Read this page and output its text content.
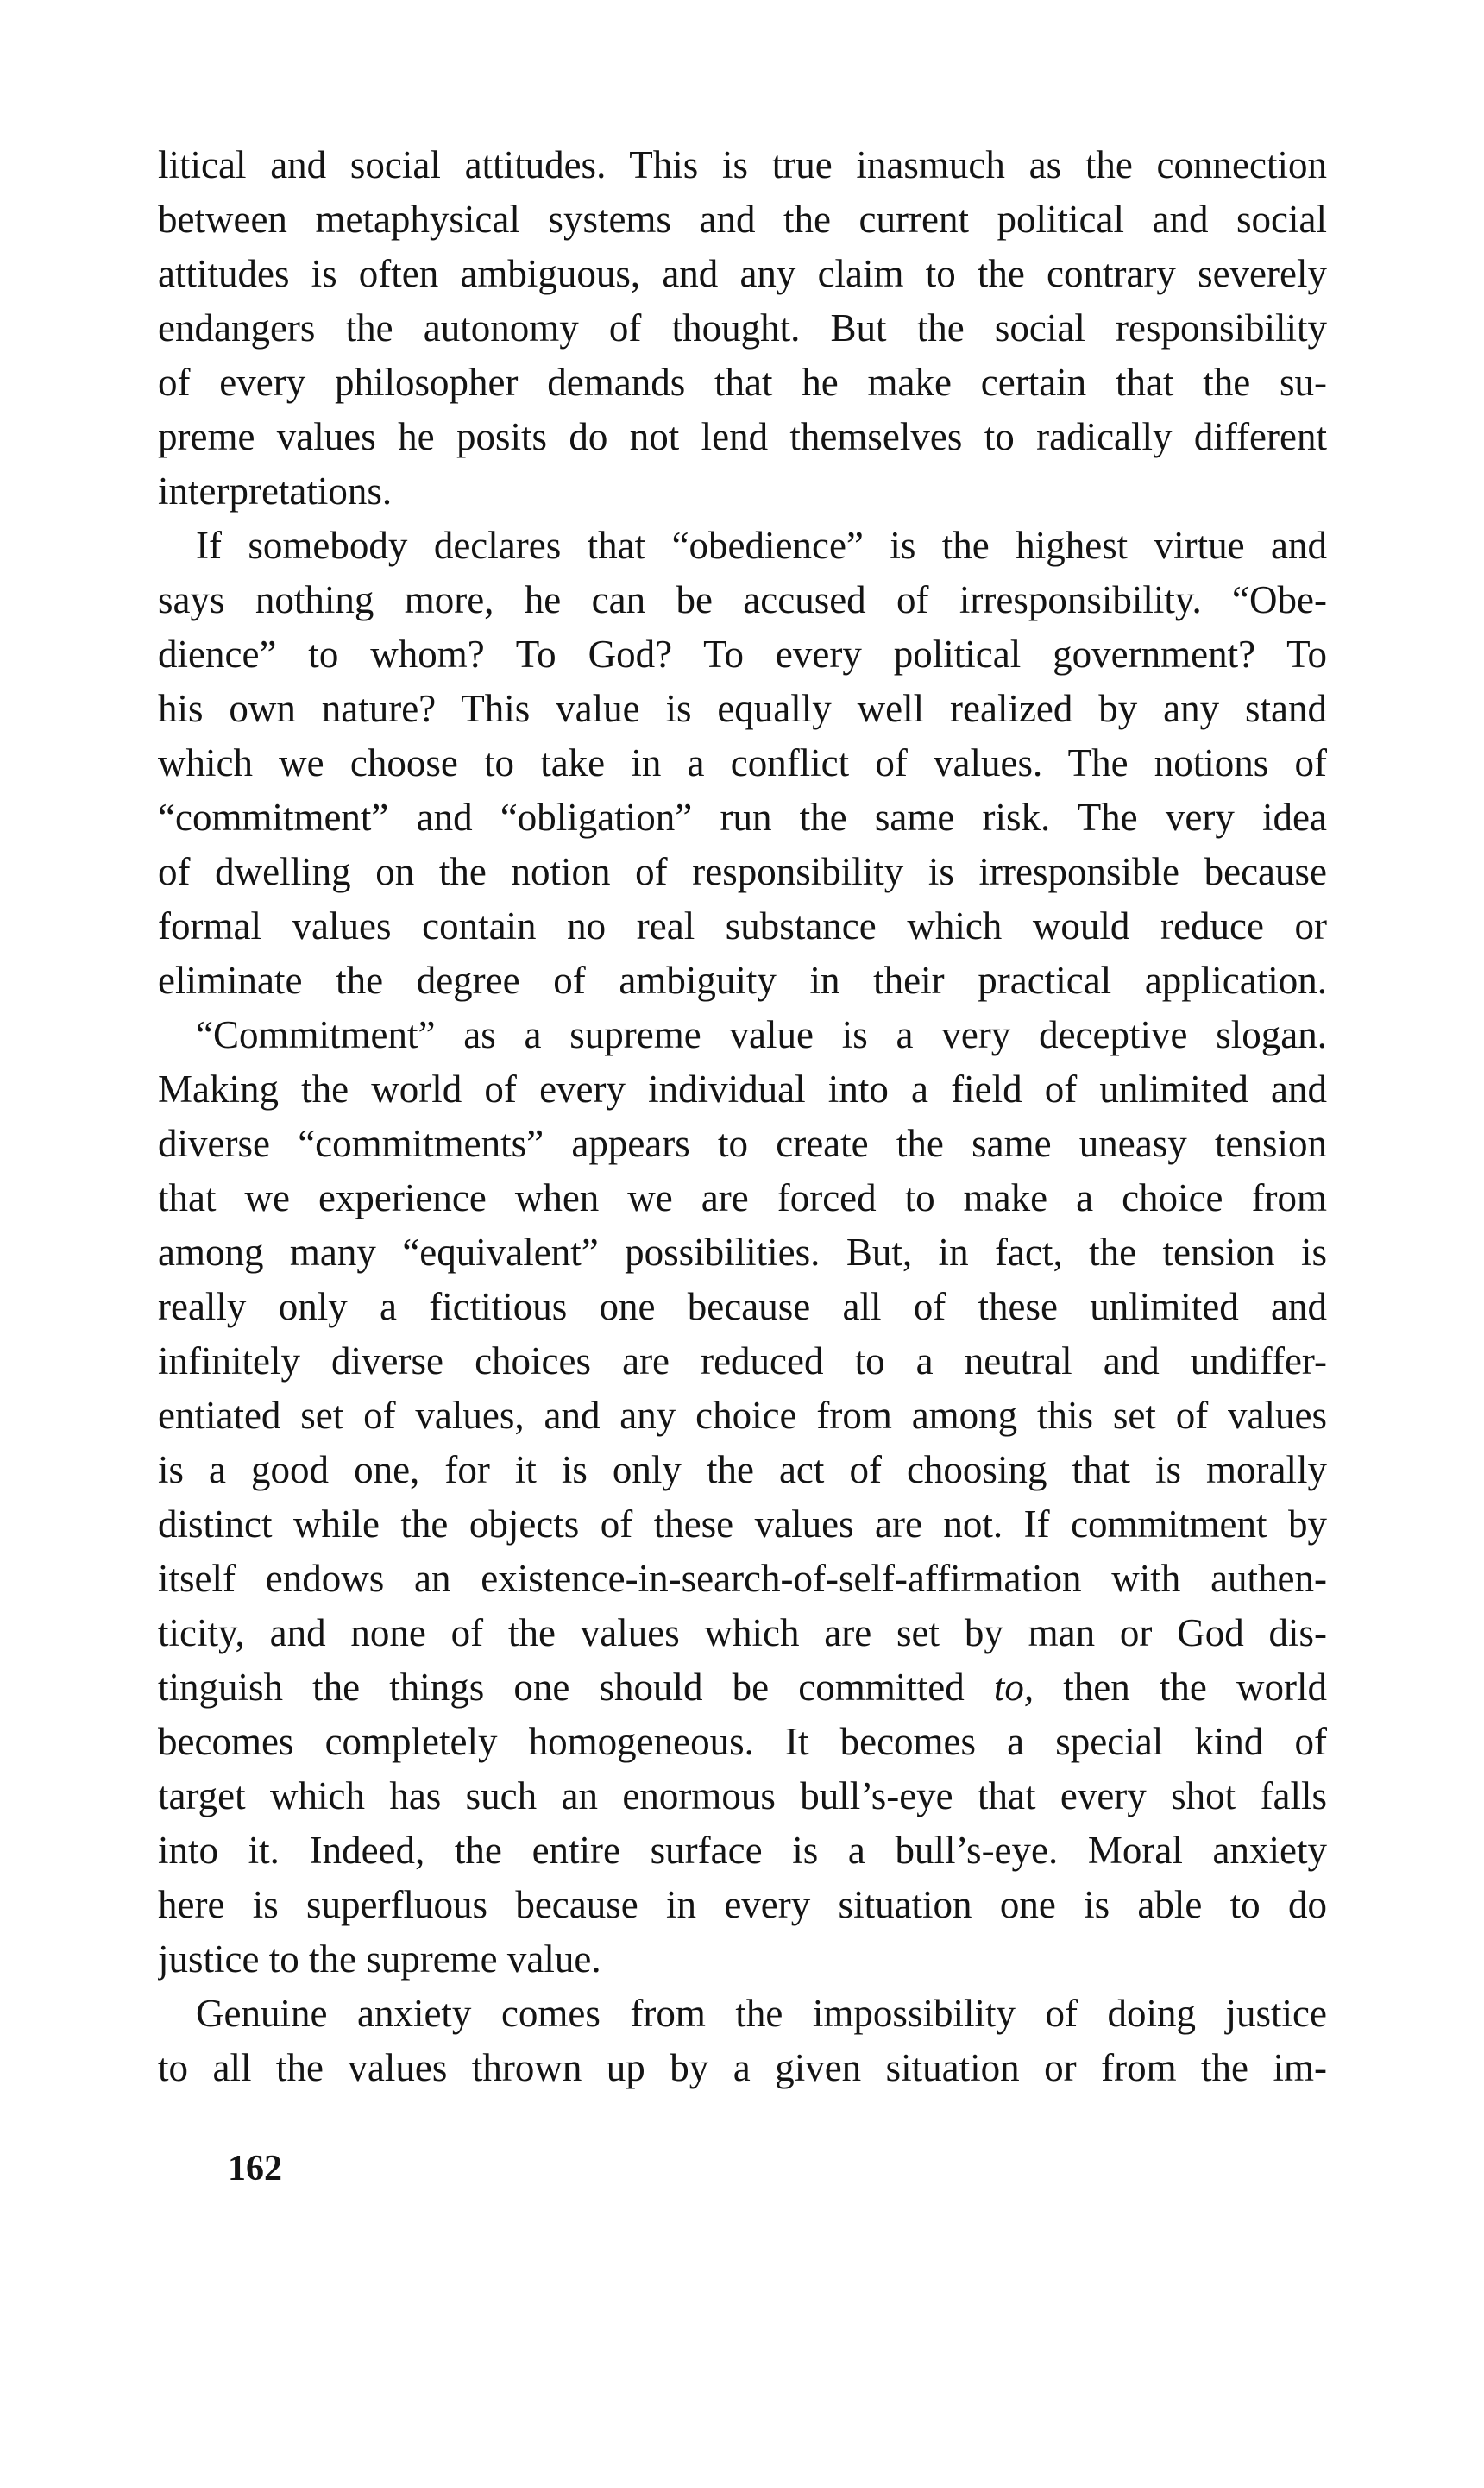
litical and social attitudes. This is true inasmuch as the connection
between metaphysical systems and the current political and social
attitudes is often ambiguous, and any claim to the contrary severely
endangers the autonomy of thought. But the social responsibility
of every philosopher demands that he make certain that the su-
preme values he posits do not lend themselves to radically different
interpretations.
If somebody declares that “obedience” is the highest virtue and
says nothing more, he can be accused of irresponsibility. “Obe-
dience” to whom? To God? To every political government? To
his own nature? This value is equally well realized by any stand
which we choose to take in a conflict of values. The notions of
“commitment” and “obligation” run the same risk. The very idea
of dwelling on the notion of responsibility is irresponsible because
formal values contain no real substance which would reduce or
eliminate the degree of ambiguity in their practical application.
“Commitment” as a supreme value is a very deceptive slogan.
Making the world of every individual into a field of unlimited and
diverse “commitments” appears to create the same uneasy tension
that we experience when we are forced to make a choice from
among many “equivalent” possibilities. But, in fact, the tension is
really only a fictitious one because all of these unlimited and
infinitely diverse choices are reduced to a neutral and undiffer-
entiated set of values, and any choice from among this set of values
is a good one, for it is only the act of choosing that is morally
distinct while the objects of these values are not. If commitment by
itself endows an existence-in-search-of-self-affirmation with authen-
ticity, and none of the values which are set by man or God dis-
tinguish the things one should be committed to, then the world
becomes completely homogeneous. It becomes a special kind of
target which has such an enormous bull’s-eye that every shot falls
into it. Indeed, the entire surface is a bull’s-eye. Moral anxiety
here is superfluous because in every situation one is able to do
justice to the supreme value.
Genuine anxiety comes from the impossibility of doing justice
to all the values thrown up by a given situation or from the im-
162
